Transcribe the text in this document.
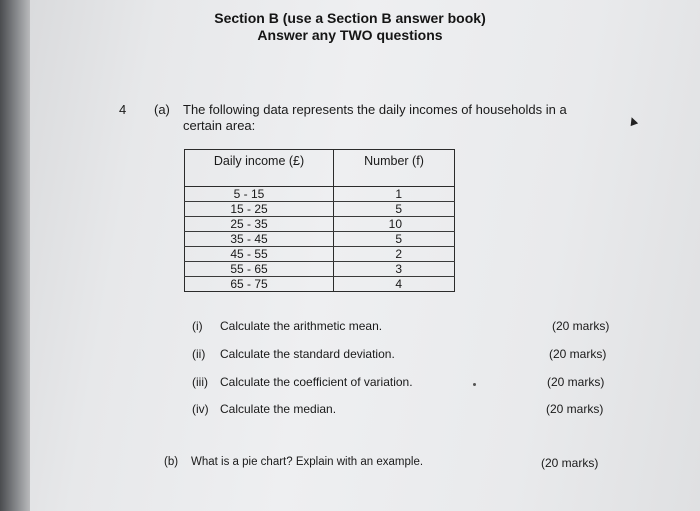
Section B (use a Section B answer book)
Answer any TWO questions
4 (a) The following data represents the daily incomes of households in a certain area:
Daily income (£)	Number (f)
5 - 15	1
15 - 25	5
25 - 35	10
35 - 45	5
45 - 55	2
55 - 65	3
65 - 75	4
(i) Calculate the arithmetic mean.	(20 marks)
(ii) Calculate the standard deviation.	(20 marks)
(iii) Calculate the coefficient of variation.	(20 marks)
(iv) Calculate the median.	(20 marks)
(b) What is a pie chart? Explain with an example.	(20 marks)
